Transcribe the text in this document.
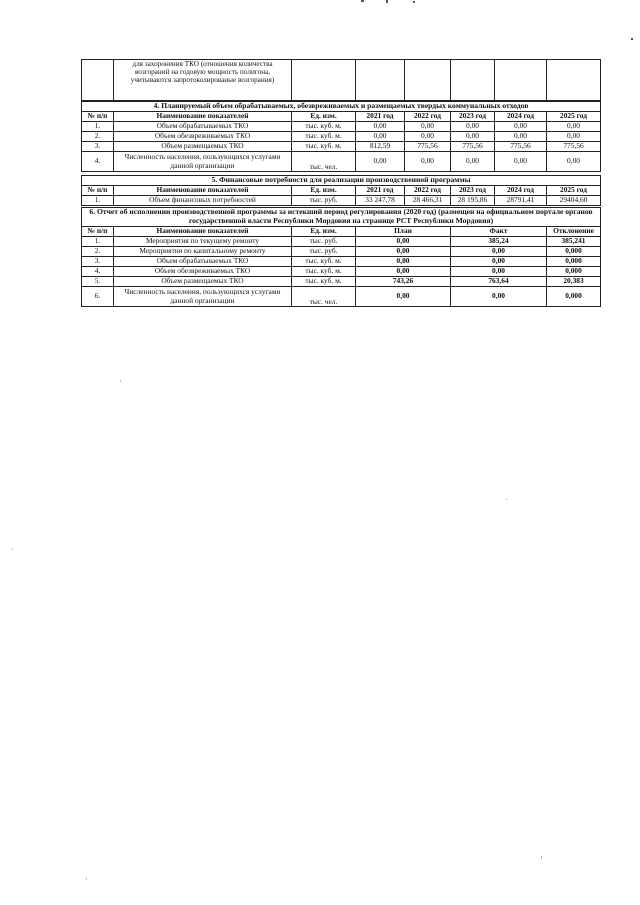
	для захоронения ТКО (отношения количества возгораний на годовую мощность полигона, учитываются запротоколированые возгорания)						
4. Планируемый объем обрабатываемых, обезвреживаемых и размещаемых твердых коммунальных отходов							
№ п/п	Наименование показателей	Ед. изм.	2021 год	2022 год	2023 год	2024 год	2025 год
1.	Объем обрабатываемых ТКО	тыс. куб. м.	0,00	0,00	0,00	0,00	0,00
2.	Объем обезвреживаемых ТКО	тыс. куб. м.	0,00	0,00	0,00	0,00	0,00
3.	Объем размещаемых ТКО	тыс. куб. м.	812,59	775,56	775,56	775,56	775,56
4.	Численность населения, пользующихся услугами данной организации	тыс. чел.	0,00	0,00	0,00	0,00	0,00
5. Финансовые потребности для реализации производственной программы							
№ п/п	Наименование показателей	Ед. изм.	2021 год	2022 год	2023 год	2024 год	2025 год
1.	Объем финансовых потребностей	тыс. руб.	33 247,78	28 466,31	28 195,86	28791,41	29404,60
6. Отчет об исполнении производственной программы за истекший период регулирования (2020 год) (размещен на официальном портале органов государственной власти Республики Мордовия на странице РСТ Республики Мордовия)					
№ п/п	Наименование показателей	Ед. изм.	План	Факт	Отклонение
1.	Мероприятия по текущему ремонту	тыс. руб.	0,00	385,24	385,241
2.	Мероприятия по капитальному ремонту	тыс. руб.	0,00	0,00	0,000
3.	Объем обрабатываемых ТКО	тыс. куб. м.	0,00	0,00	0,000
4.	Объем обезвреживаемых ТКО	тыс. куб. м.	0,00	0,00	0,000
5.	Объем размещаемых ТКО	тыс. куб. м.	743,26	763,64	20,383
6.	Численность населения, пользующихся услугами данной организации	тыс. чел.	0,00	0,00	0,000
